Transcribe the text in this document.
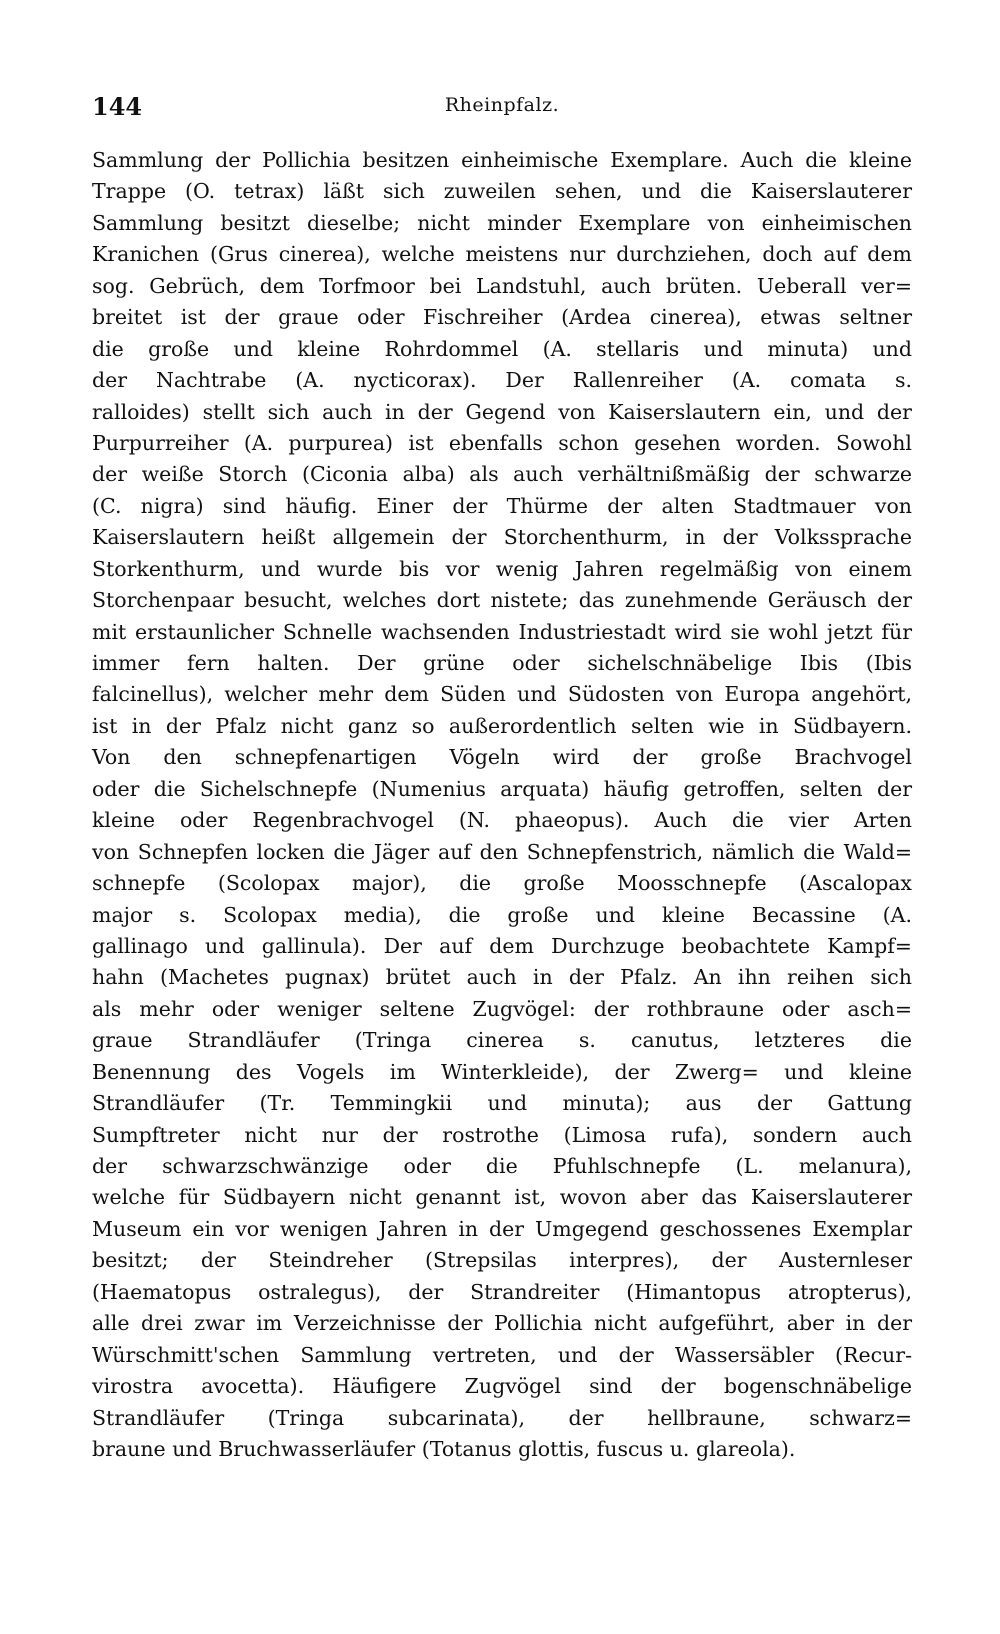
144	Rheinpfalz.
Sammlung der Pollichia besitzen einheimische Exemplare. Auch die kleine
Trappe (O. tetrax) läßt sich zuweilen sehen, und die Kaiserslauterer
Sammlung besitzt dieselbe; nicht minder Exemplare von einheimischen
Kranichen (Grus cinerea), welche meistens nur durchziehen, doch auf dem
sog. Gebrüch, dem Torfmoor bei Landstuhl, auch brüten. Ueberall ver=
breitet ist der graue oder Fischreiher (Ardea cinerea), etwas seltner
die große und kleine Rohrdommel (A. stellaris und minuta) und
der Nachtrabe (A. nycticorax). Der Rallenreiher (A. comata s.
ralloides) stellt sich auch in der Gegend von Kaiserslautern ein, und der
Purpurreiher (A. purpurea) ist ebenfalls schon gesehen worden. Sowohl
der weiße Storch (Ciconia alba) als auch verhältnißmäßig der schwarze
(C. nigra) sind häufig. Einer der Thürme der alten Stadtmauer von
Kaiserslautern heißt allgemein der Storchenthurm, in der Volkssprache
Storkenthurm, und wurde bis vor wenig Jahren regelmäßig von einem
Storchenpaar besucht, welches dort nistete; das zunehmende Geräusch der
mit erstaunlicher Schnelle wachsenden Industriestadt wird sie wohl jetzt für
immer fern halten. Der grüne oder sichelschnäbelige Ibis (Ibis
falcinellus), welcher mehr dem Süden und Südosten von Europa angehört,
ist in der Pfalz nicht ganz so außerordentlich selten wie in Südbayern.
Von den schnepfenartigen Vögeln wird der große Brachvogel
oder die Sichelschnepfe (Numenius arquata) häufig getroffen, selten der
kleine oder Regenbrachvogel (N. phaeopus). Auch die vier Arten
von Schnepfen locken die Jäger auf den Schnepfenstrich, nämlich die Wald=
schnepfe (Scolopax major), die große Moosschnepfe (Ascalopax
major s. Scolopax media), die große und kleine Becassine (A.
gallinago und gallinula). Der auf dem Durchzuge beobachtete Kampf=
hahn (Machetes pugnax) brütet auch in der Pfalz. An ihn reihen sich
als mehr oder weniger seltene Zugvögel: der rothbraune oder asch=
graue Strandläufer (Tringa cinerea s. canutus, letzteres die
Benennung des Vogels im Winterkleide), der Zwerg= und kleine
Strandläufer (Tr. Temmingkii und minuta); aus der Gattung
Sumpftreter nicht nur der rostrothe (Limosa rufa), sondern auch
der schwarzschwänzige oder die Pfuhlschnepfe (L. melanura),
welche für Südbayern nicht genannt ist, wovon aber das Kaiserslauterer
Museum ein vor wenigen Jahren in der Umgegend geschossenes Exemplar
besitzt; der Steindreher (Strepsilas interpres), der Austernleser
(Haematopus ostralegus), der Strandreiter (Himantopus atropterus),
alle drei zwar im Verzeichnisse der Pollichia nicht aufgeführt, aber in der
Würschmitt'schen Sammlung vertreten, und der Wassersäbler (Recur-
virostra avocetta). Häufigere Zugvögel sind der bogenschnäbelige
Strandläufer (Tringa subcarinata), der hellbraune, schwarz=
braune und Bruchwasserläufer (Totanus glottis, fuscus u. glareola).
